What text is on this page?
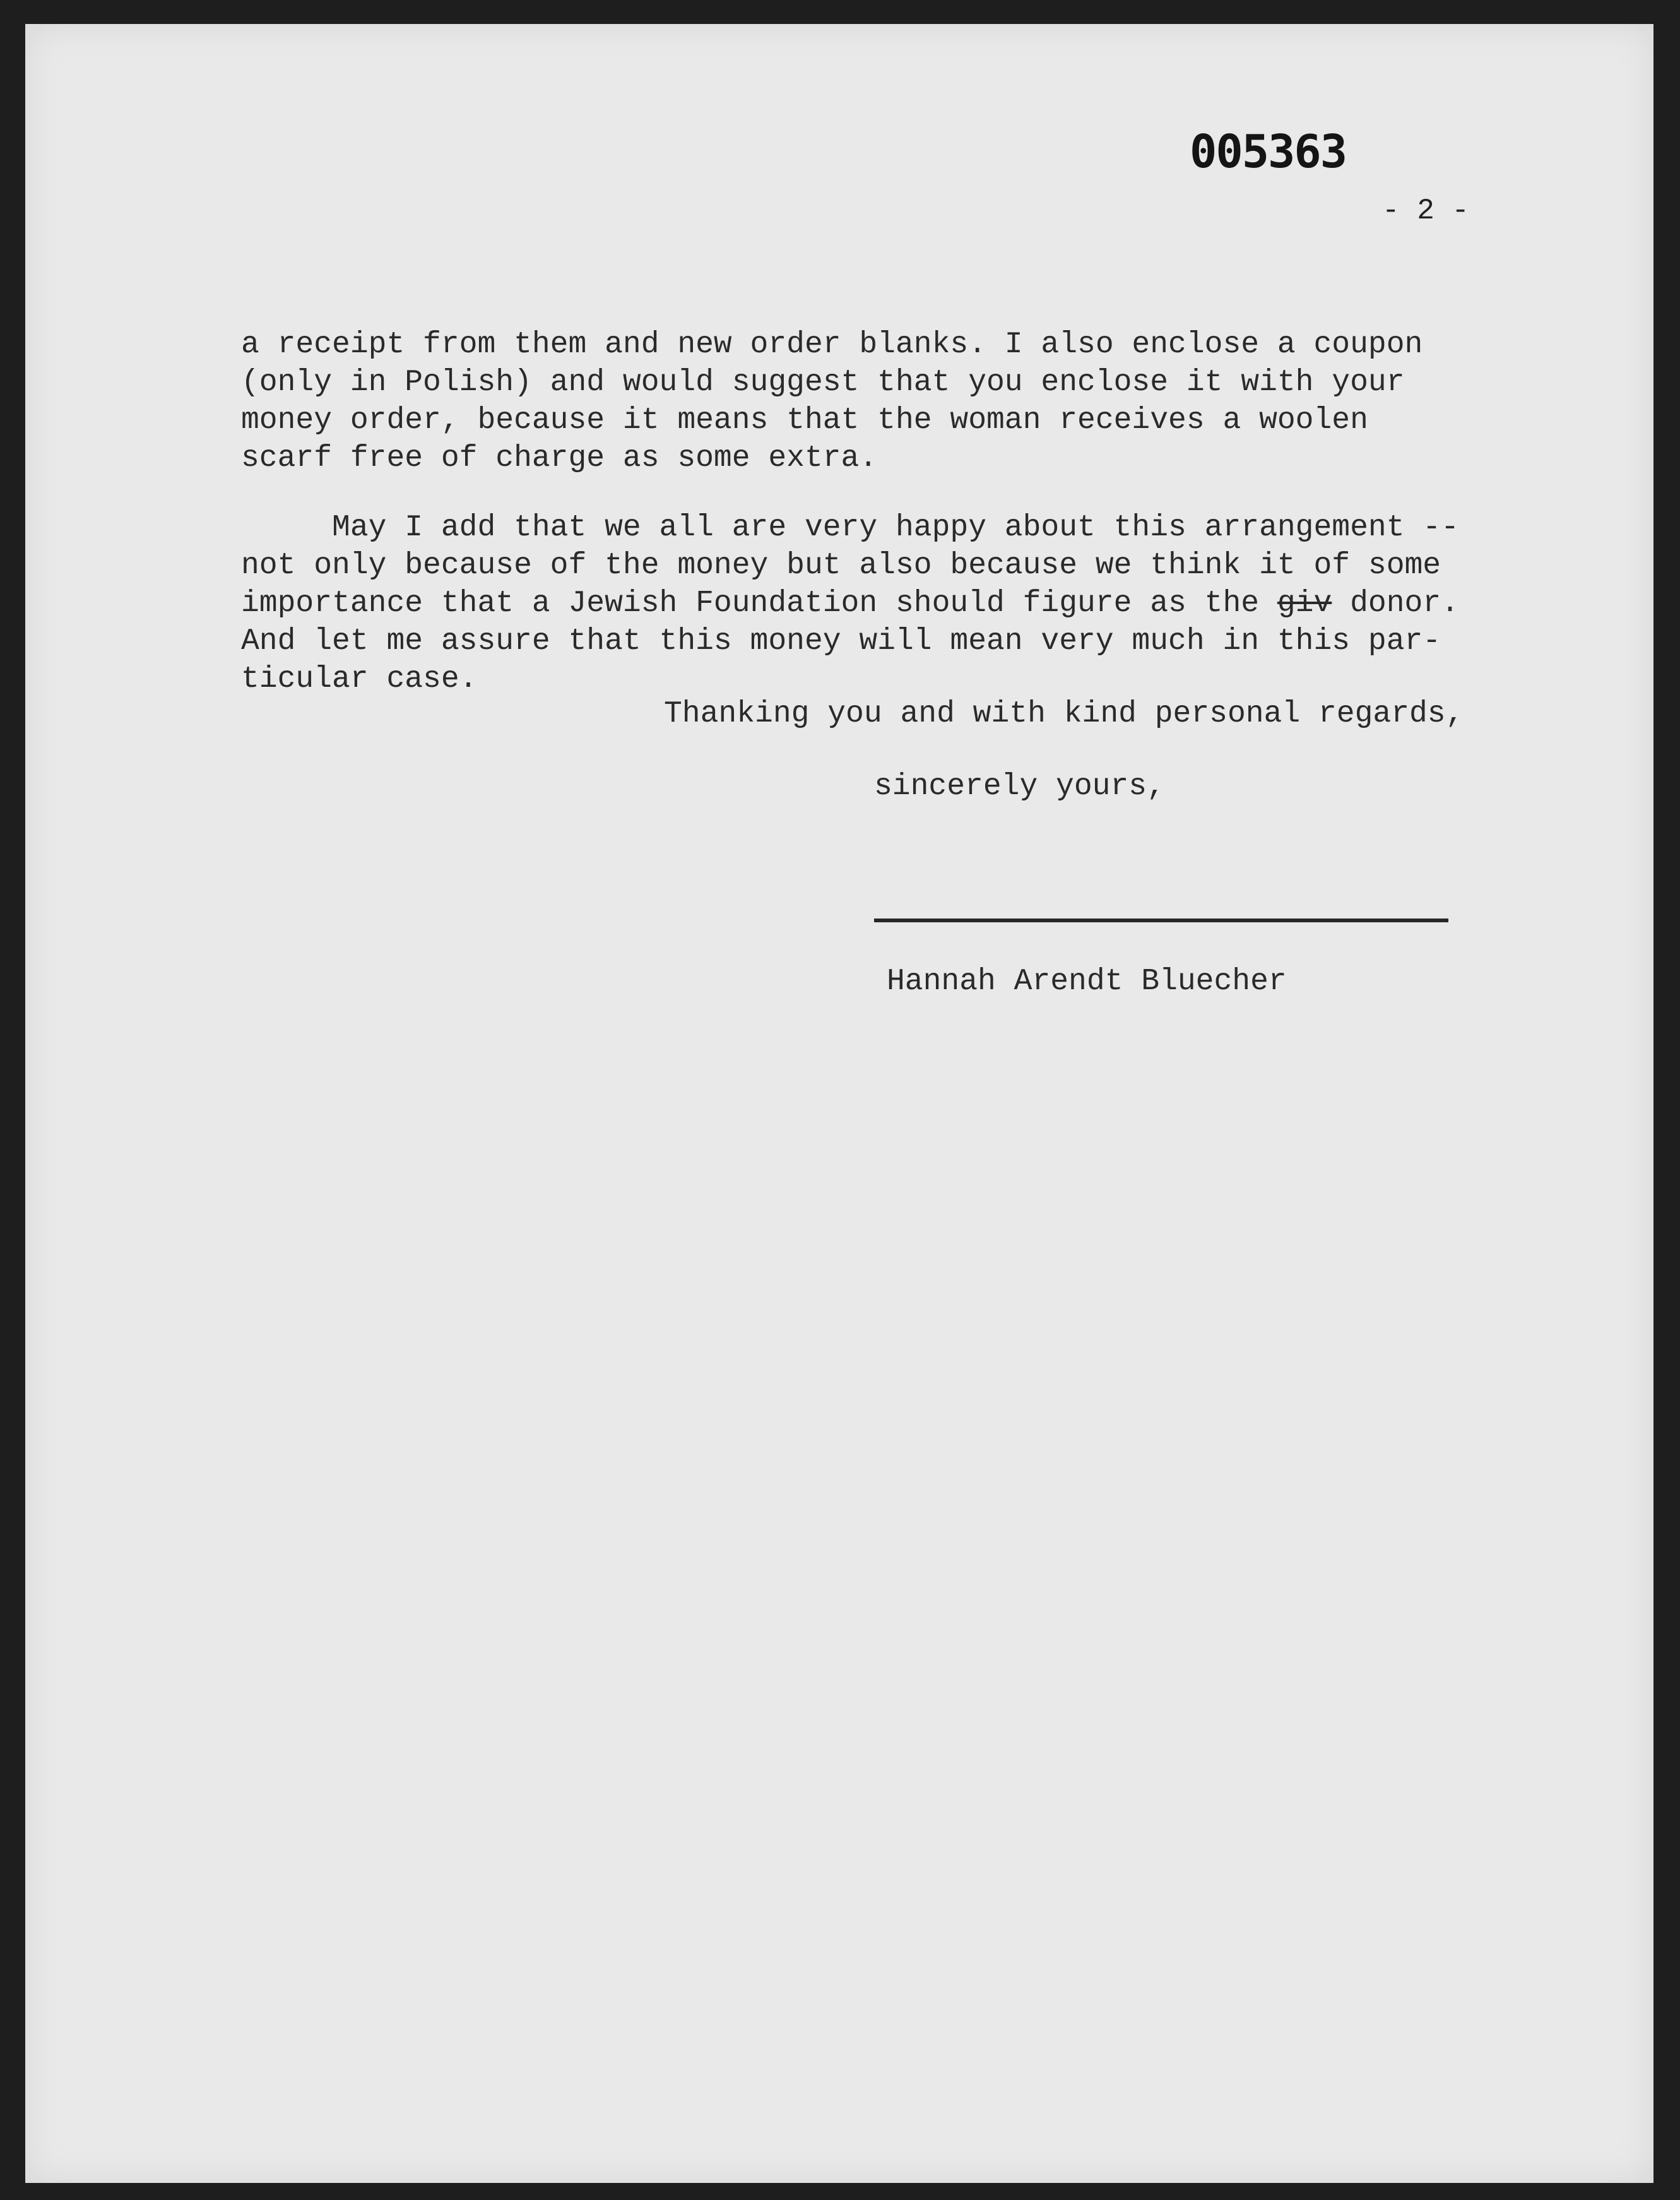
005363
- 2 -
a receipt from them and new order blanks. I also enclose a coupon
(only in Polish) and would suggest that you enclose it with your
money order, because it means that the woman receives a woolen
scarf free of charge as some extra.
May I add that we all are very happy about this arrangement --
not only because of the money but also because we think it of some
importance that a Jewish Foundation should figure as the giv donor.
And let me assure that this money will mean very much in this par-
ticular case.
Thanking you and with kind personal regards,
sincerely yours,
Hannah Arendt Bluecher
